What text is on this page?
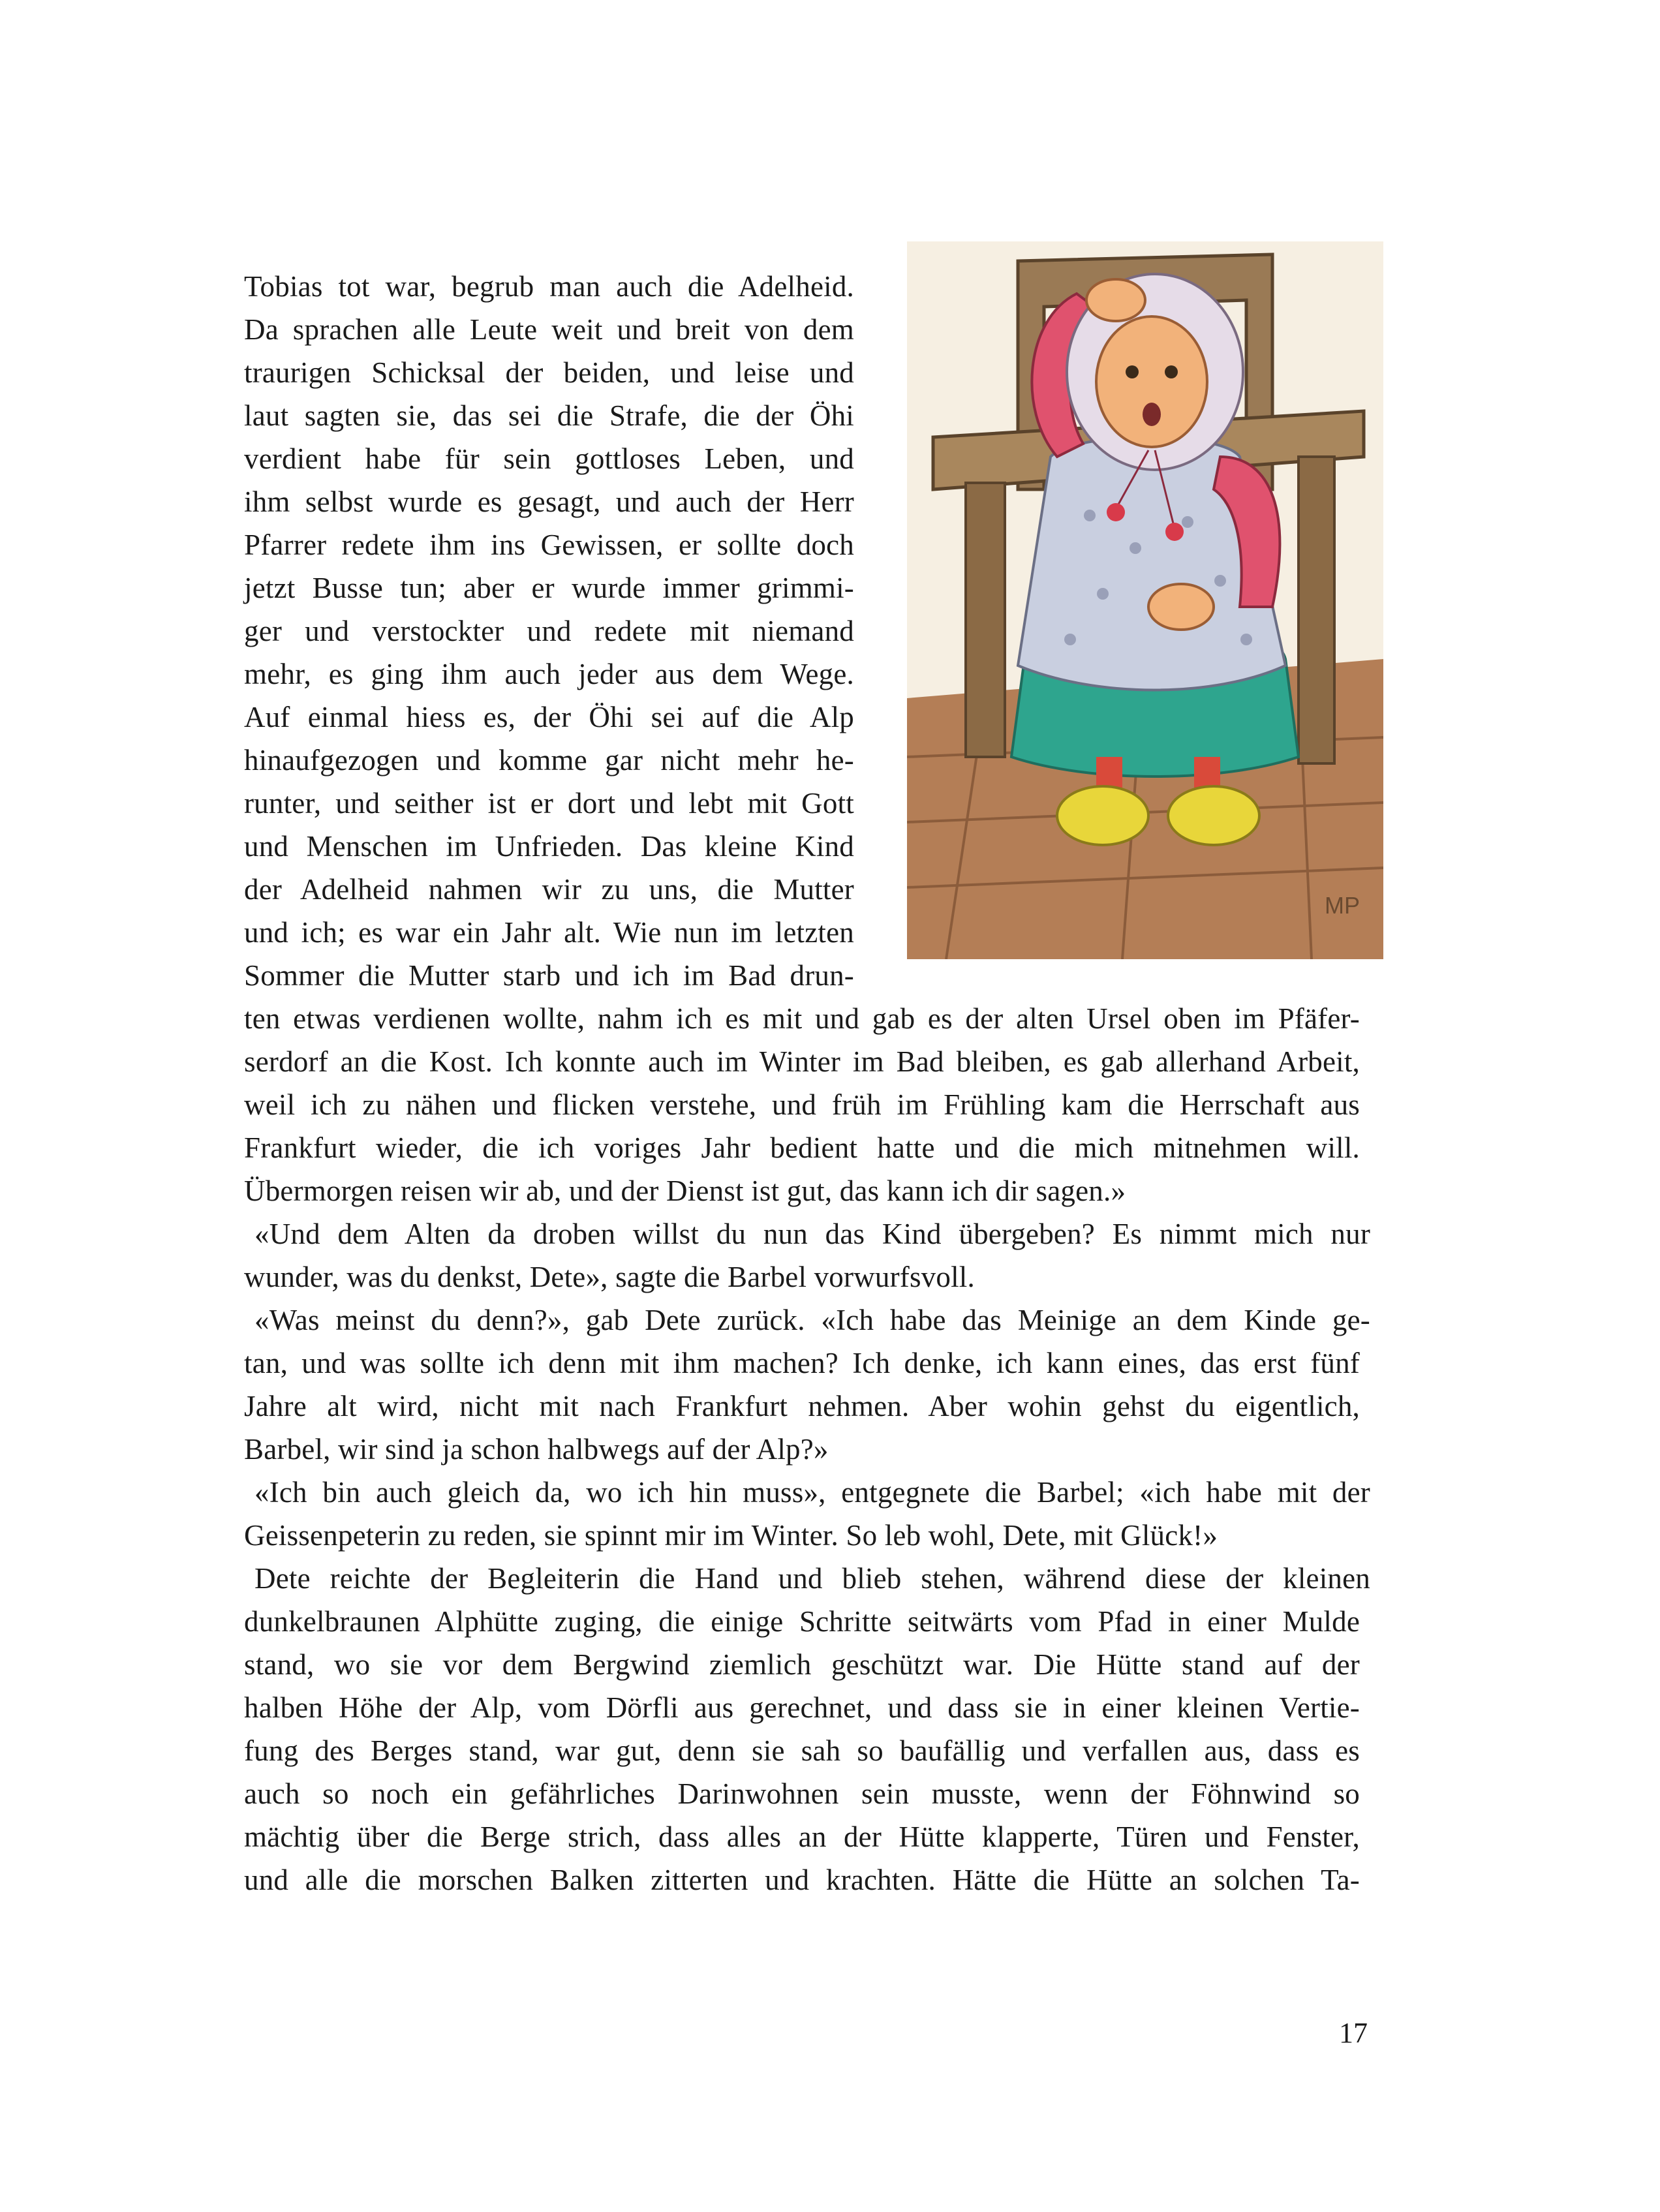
MP
Tobias tot war, begrub man auch die Adelheid.
Da sprachen alle Leute weit und breit von dem
traurigen Schicksal der beiden, und leise und
laut sagten sie, das sei die Strafe, die der Öhi
verdient habe für sein gottloses Leben, und
ihm selbst wurde es gesagt, und auch der Herr
Pfarrer redete ihm ins Gewissen, er sollte doch
jetzt Busse tun; aber er wurde immer grimmi-
ger und verstockter und redete mit niemand
mehr, es ging ihm auch jeder aus dem Wege.
Auf einmal hiess es, der Öhi sei auf die Alp
hinaufgezogen und komme gar nicht mehr he-
runter, und seither ist er dort und lebt mit Gott
und Menschen im Unfrieden. Das kleine Kind
der Adelheid nahmen wir zu uns, die Mutter
und ich; es war ein Jahr alt. Wie nun im letzten
Sommer die Mutter starb und ich im Bad drun-
ten etwas verdienen wollte, nahm ich es mit und gab es der alten Ursel oben im Pfäfer-
serdorf an die Kost. Ich konnte auch im Winter im Bad bleiben, es gab allerhand Arbeit,
weil ich zu nähen und flicken verstehe, und früh im Frühling kam die Herrschaft aus
Frankfurt wieder, die ich voriges Jahr bedient hatte und die mich mitnehmen will.
Übermorgen reisen wir ab, und der Dienst ist gut, das kann ich dir sagen.»
«Und dem Alten da droben willst du nun das Kind übergeben? Es nimmt mich nur
wunder, was du denkst, Dete», sagte die Barbel vorwurfsvoll.
«Was meinst du denn?», gab Dete zurück. «Ich habe das Meinige an dem Kinde ge-
tan, und was sollte ich denn mit ihm machen? Ich denke, ich kann eines, das erst fünf
Jahre alt wird, nicht mit nach Frankfurt nehmen. Aber wohin gehst du eigentlich,
Barbel, wir sind ja schon halbwegs auf der Alp?»
«Ich bin auch gleich da, wo ich hin muss», entgegnete die Barbel; «ich habe mit der
Geissenpeterin zu reden, sie spinnt mir im Winter. So leb wohl, Dete, mit Glück!»
Dete reichte der Begleiterin die Hand und blieb stehen, während diese der kleinen
dunkelbraunen Alphütte zuging, die einige Schritte seitwärts vom Pfad in einer Mulde
stand, wo sie vor dem Bergwind ziemlich geschützt war. Die Hütte stand auf der
halben Höhe der Alp, vom Dörfli aus gerechnet, und dass sie in einer kleinen Vertie-
fung des Berges stand, war gut, denn sie sah so baufällig und verfallen aus, dass es
auch so noch ein gefährliches Darinwohnen sein musste, wenn der Föhnwind so
mächtig über die Berge strich, dass alles an der Hütte klapperte, Türen und Fenster,
und alle die morschen Balken zitterten und krachten. Hätte die Hütte an solchen Ta-
17
